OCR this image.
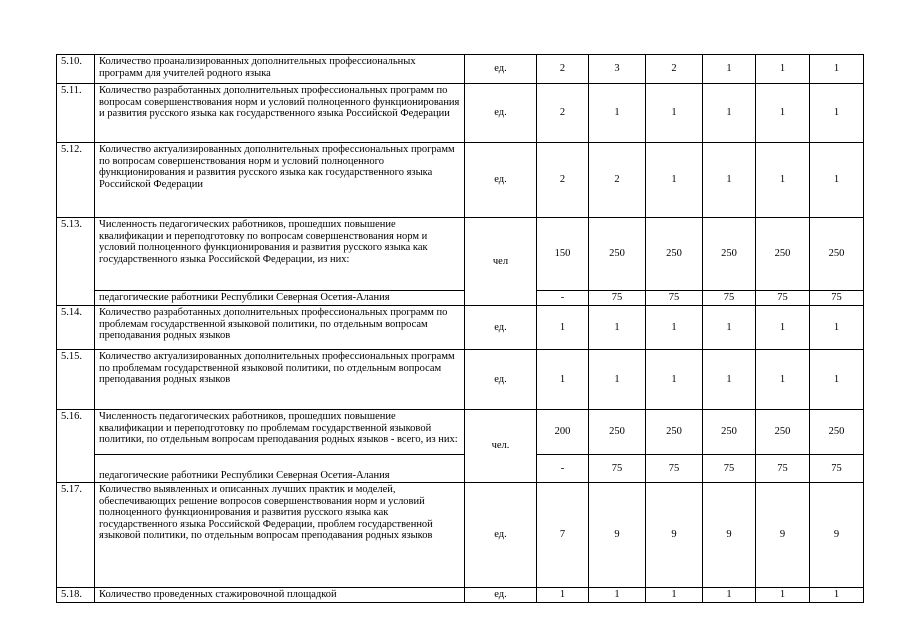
5.10.	Количество проанализированных дополнительных профессиональных программ для учителей родного языка	ед.	2	3	2	1	1	1
5.11.	Количество разработанных дополнительных профессиональных программ по вопросам совершенствования норм и условий полноценного функционирования и развития русского языка как государственного языка Российской Федерации	ед.	2	1	1	1	1	1
5.12.	Количество актуализированных дополнительных профессиональных программ по вопросам совершенствования норм и условий полноценного функционирования и развития русского языка как государственного языка Российской Федерации	ед.	2	2	1	1	1	1
5.13.	Численность педагогических работников, прошедших повышение квалификации и переподготовку по вопросам совершенствования норм и условий полноценного функционирования и развития русского языка как государственного языка Российской Федерации, из них:	чел	150	250	250	250	250	250
	педагогические работники Республики Северная Осетия-Алания		-	75	75	75	75	75
5.14.	Количество разработанных дополнительных профессиональных программ по проблемам государственной языковой политики, по отдельным вопросам преподавания родных языков	ед.	1	1	1	1	1	1
5.15.	Количество актуализированных дополнительных профессиональных программ по проблемам государственной языковой политики, по отдельным вопросам преподавания родных языков	ед.	1	1	1	1	1	1
5.16.	Численность педагогических работников, прошедших повышение квалификации и переподготовку по проблемам государственной языковой политики, по отдельным вопросам преподавания родных языков - всего, из них:	чел.	200	250	250	250	250	250
	педагогические работники Республики Северная Осетия-Алания		-	75	75	75	75	75
5.17.	Количество выявленных и описанных лучших практик и моделей, обеспечивающих решение вопросов совершенствования норм и условий полноценного функционирования и развития русского языка как государственного языка Российской Федерации, проблем государственной языковой политики, по отдельным вопросам преподавания родных языков	ед.	7	9	9	9	9	9
5.18.	Количество проведенных стажировочной площадкой	ед.	1	1	1	1	1	1
